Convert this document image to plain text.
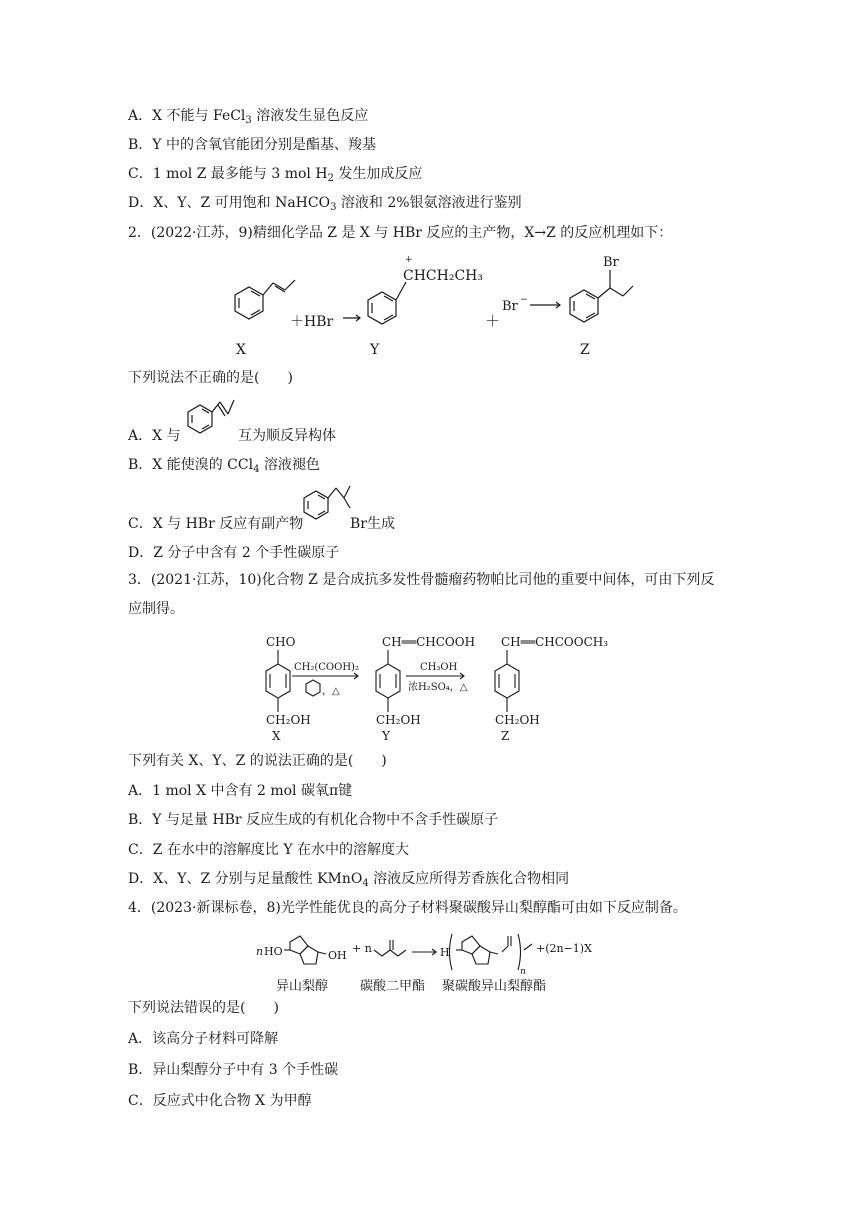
A．X 不能与 FeCl$_3$ 溶液发生显色反应
B．Y 中的含氧官能团分别是酯基、羧基
C．1 mol Z 最多能与 3 mol $H_2$ 发生加成反应
D．X、Y、Z 可用饱和 NaHCO$_3$ 溶液和 2%银氨溶液进行鉴别
2．(2022·江苏，9)精细化学品 Z 是 X 与 HBr 反应的主产物，X→Z 的反应机理如下：
＋HBr
+
CHCH₂CH₃
＋
Br −
Br
X	Y	Z
下列说法不正确的是(　　)
A．X 与	互为顺反异构体
B．X 能使溴的 CCl$_4$ 溶液褪色
C．X 与 HBr 反应有副产物	Br生成
D．Z 分子中含有 2 个手性碳原子
3．(2021·江苏，10)化合物 Z 是合成抗多发性骨髓瘤药物帕比司他的重要中间体，可由下列反应制得。
CHO
CH₂OH
X
CH₂(COOH)₂
，△
CH══CHCOOH
CH₂OH
Y
CH₃OH
浓H₂SO₄，△
CH══CHCOOCH₃
CH₂OH
Z
下列有关 X、Y、Z 的说法正确的是(　　)
A．1 mol X 中含有 2 mol 碳氧π键
B．Y 与足量 HBr 反应生成的有机化合物中不含手性碳原子
C．Z 在水中的溶解度比 Y 在水中的溶解度大
D．X、Y、Z 分别与足量酸性 KMnO$_4$ 溶液反应所得芳香族化合物相同
4．(2023·新课标卷，8)光学性能优良的高分子材料聚碳酸异山梨醇酯可由如下反应制备。
n HO	OH
+ n	H
n
+(2n−1)X
异山梨醇 碳酸二甲酯 聚碳酸异山梨醇酯
下列说法错误的是(　　)
A．该高分子材料可降解
B．异山梨醇分子中有 3 个手性碳
C．反应式中化合物 X 为甲醇
